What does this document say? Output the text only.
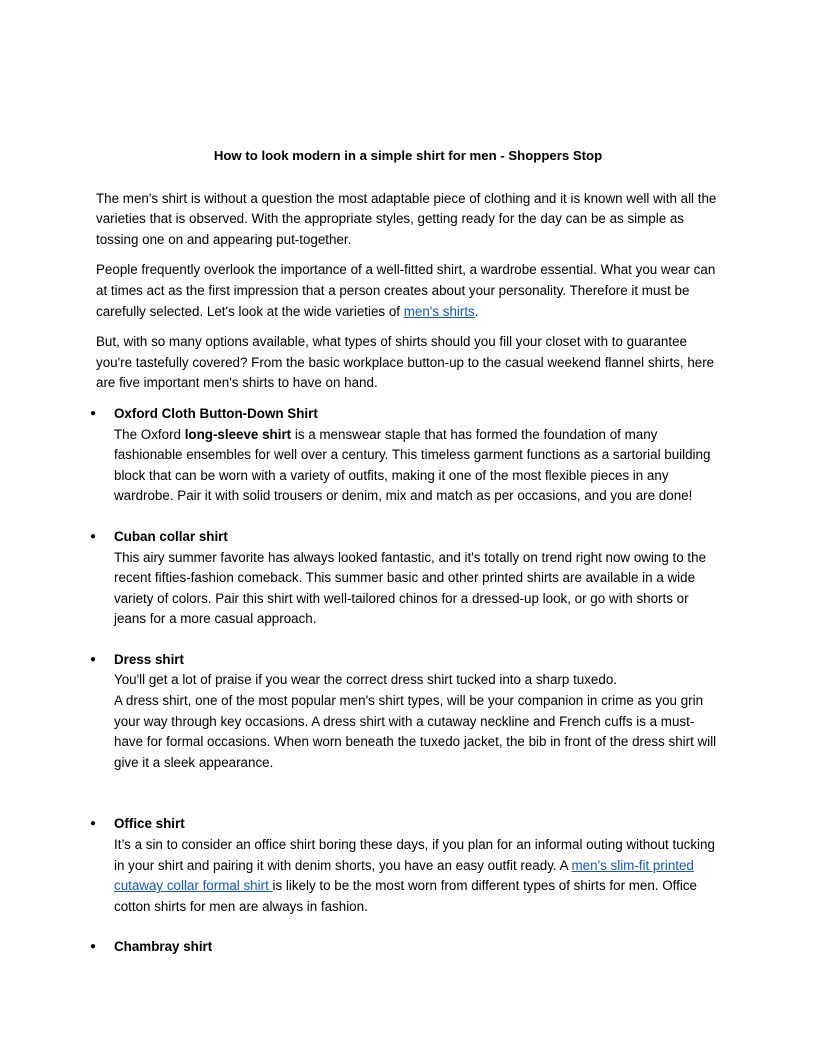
How to look modern in a simple shirt for men - Shoppers Stop

The men's shirt is without a question the most adaptable piece of clothing and it is known well with all the varieties that is observed. With the appropriate styles, getting ready for the day can be as simple as tossing one on and appearing put-together.

People frequently overlook the importance of a well-fitted shirt, a wardrobe essential. What you wear can at times act as the first impression that a person creates about your personality. Therefore it must be carefully selected. Let's look at the wide varieties of men's shirts.

But, with so many options available, what types of shirts should you fill your closet with to guarantee you're tastefully covered? From the basic workplace button-up to the casual weekend flannel shirts, here are five important men's shirts to have on hand.

● Oxford Cloth Button-Down Shirt
The Oxford long-sleeve shirt is a menswear staple that has formed the foundation of many fashionable ensembles for well over a century. This timeless garment functions as a sartorial building block that can be worn with a variety of outfits, making it one of the most flexible pieces in any wardrobe. Pair it with solid trousers or denim, mix and match as per occasions, and you are done!
● Cuban collar shirt
This airy summer favorite has always looked fantastic, and it's totally on trend right now owing to the recent fifties-fashion comeback. This summer basic and other printed shirts are available in a wide variety of colors. Pair this shirt with well-tailored chinos for a dressed-up look, or go with shorts or jeans for a more casual approach.
● Dress shirt
You'll get a lot of praise if you wear the correct dress shirt tucked into a sharp tuxedo.
A dress shirt, one of the most popular men's shirt types, will be your companion in crime as you grin your way through key occasions. A dress shirt with a cutaway neckline and French cuffs is a must-have for formal occasions. When worn beneath the tuxedo jacket, the bib in front of the dress shirt will give it a sleek appearance.
● Office shirt
It’s a sin to consider an office shirt boring these days, if you plan for an informal outing without tucking in your shirt and pairing it with denim shorts, you have an easy outfit ready. A men's slim-fit printed cutaway collar formal shirt is likely to be the most worn from different types of shirts for men. Office cotton shirts for men are always in fashion.
● Chambray shirt
